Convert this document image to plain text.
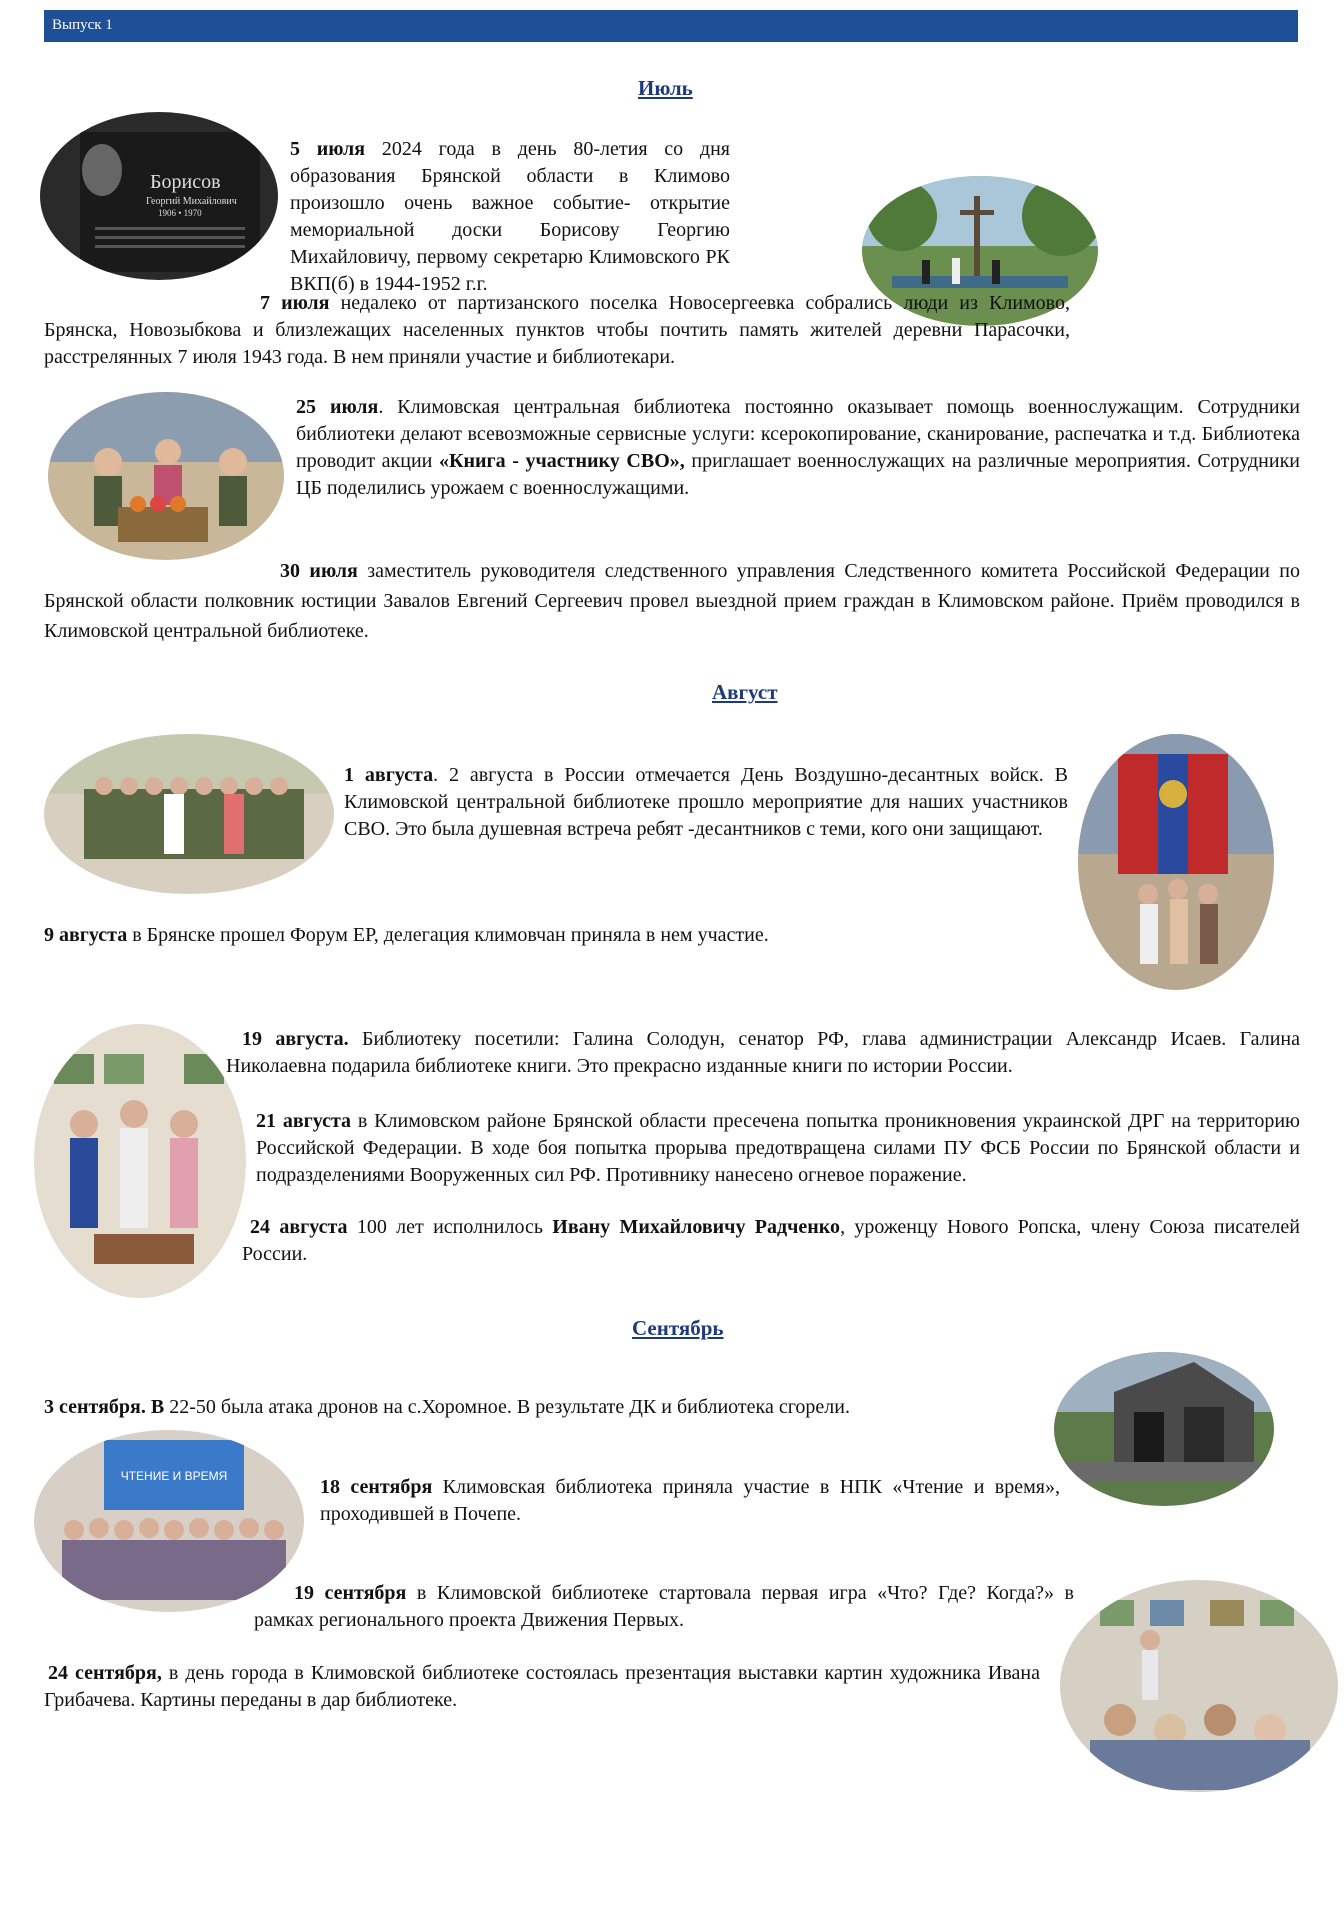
Выпуск 1
Июль
Борисов
Георгий Михайлович
1906 • 1970
5 июля 2024 года в день 80-летия со дня образования Брянской области в Климово произошло очень важное событие- открытие мемориальной доски Борисову Георгию Михайловичу, первому секретарю Климовского РК ВКП(б) в 1944-1952 г.г.
7 июля недалеко от партизанского поселка Новосергеевка собрались люди из Климово, Брянска, Новозыбкова и близлежащих населенных пунктов чтобы почтить память жителей деревни Парасочки, расстрелянных 7 июля 1943 года. В нем приняли участие и библиотекари.
25 июля. Климовская центральная библиотека постоянно оказывает помощь военнослужащим. Сотрудники библиотеки делают всевозможные сервисные услуги: ксерокопирование, сканирование, распечатка и т.д. Библиотека проводит акции «Книга - участнику СВО», приглашает военнослужащих на различные мероприятия. Сотрудники ЦБ поделились урожаем с военнослужащими.
30 июля заместитель руководителя следственного управления Следственного комитета Российской Федерации по Брянской области полковник юстиции Завалов Евгений Сергеевич провел выездной прием граждан в Климовском районе. Приём проводился в Климовской центральной библиотеке.
Август
1 августа. 2 августа в России отмечается День Воздушно-десантных войск. В Климовской центральной библиотеке прошло мероприятие для наших участников СВО. Это была душевная встреча ребят -десантников с теми, кого они защищают.
9 августа в Брянске прошел Форум ЕР, делегация климовчан приняла в нем участие.
19 августа. Библиотеку посетили: Галина Солодун, сенатор РФ, глава администрации Александр Исаев. Галина Николаевна подарила библиотеке книги. Это прекрасно изданные книги по истории России.
21 августа в Климовском районе Брянской области пресечена попытка проникновения украинской ДРГ на территорию Российской Федерации. В ходе боя попытка прорыва предотвращена силами ПУ ФСБ России по Брянской области и подразделениями Вооруженных сил РФ. Противнику нанесено огневое поражение.
24 августа 100 лет исполнилось Ивану Михайловичу Радченко, уроженцу Нового Ропска, члену Союза писателей России.
Сентябрь
3 сентября. В 22-50 была атака дронов на с.Хоромное. В результате ДК и библиотека сгорели.
ЧТЕНИЕ И ВРЕМЯ	18 сентября Климовская библиотека приняла участие в НПК «Чтение и время», проходившей в Почепе.
19 сентября в Климовской библиотеке стартовала первая игра «Что? Где? Когда?» в рамках регионального проекта Движения Первых.
24 сентября, в день города в Климовской библиотеке состоялась презентация выставки картин художника Ивана Грибачева. Картины переданы в дар библиотеке.
